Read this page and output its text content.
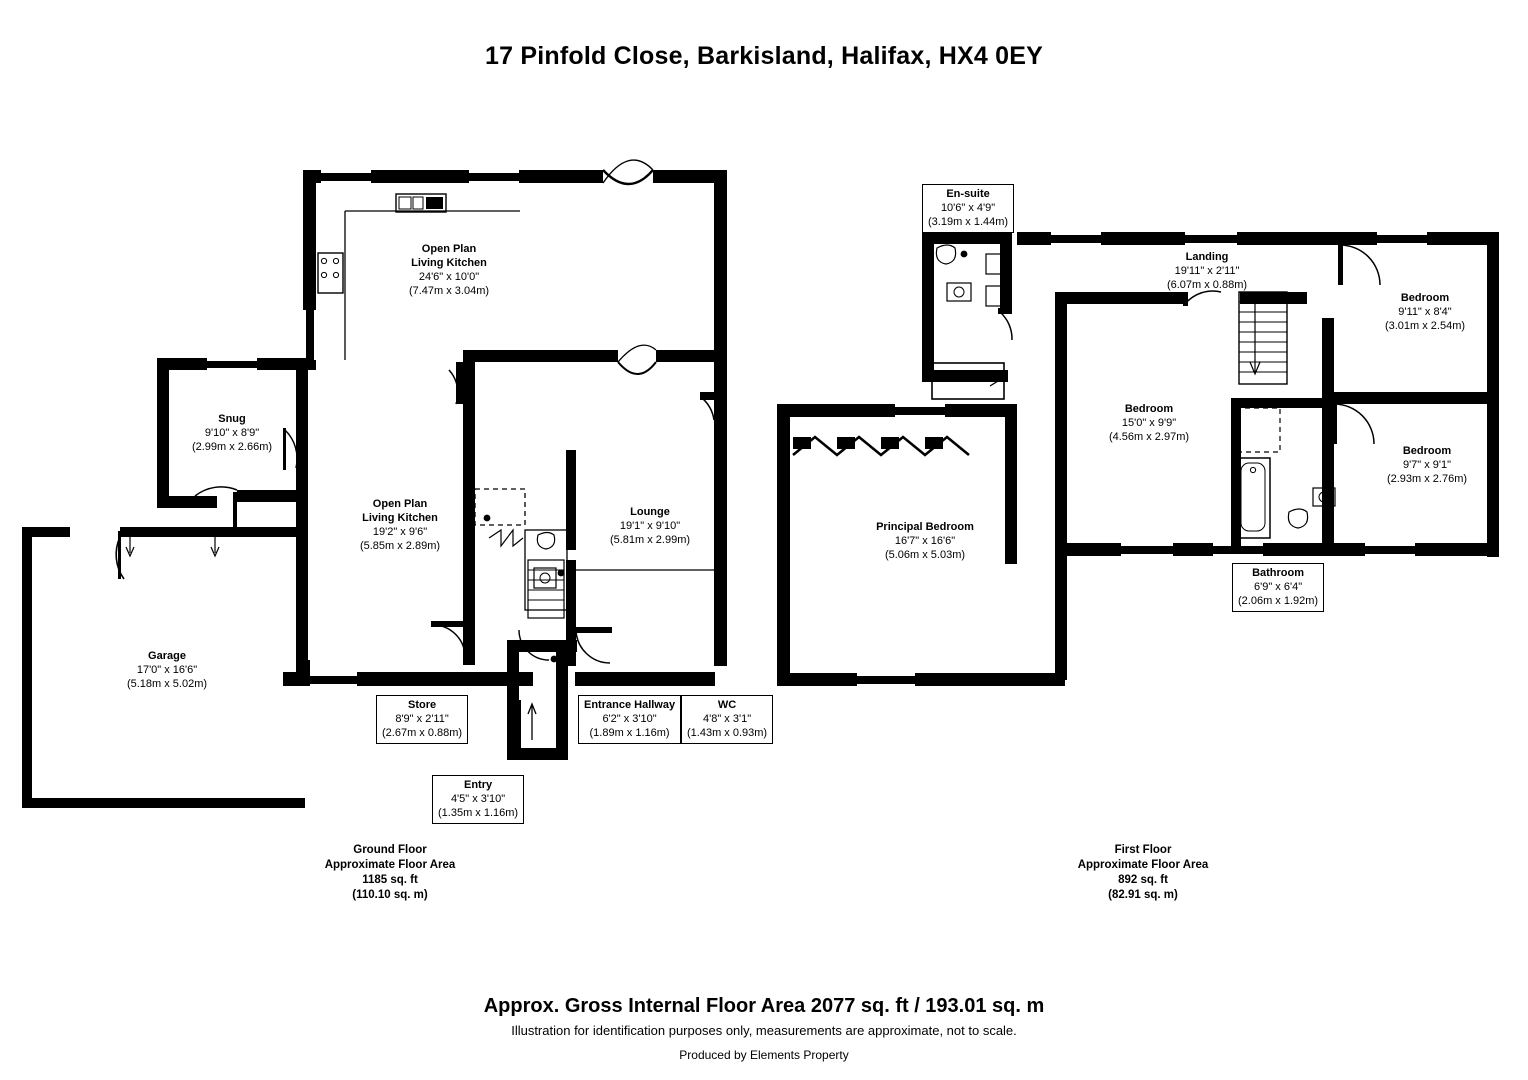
17 Pinfold Close, Barkisland, Halifax, HX4 0EY
Open Plan
Living Kitchen
24'6" x 10'0"
(7.47m x 3.04m)
Snug
9'10" x 8'9"
(2.99m x 2.66m)
Open Plan
Living Kitchen
19'2" x 9'6"
(5.85m x 2.89m)
Lounge
19'1" x 9'10"
(5.81m x 2.99m)
Garage
17'0" x 16'6"
(5.18m x 5.02m)
Store
8'9" x 2'11"
(2.67m x 0.88m)
Entrance Hallway
6'2" x 3'10"
(1.89m x 1.16m)
WC
4'8" x 3'1"
(1.43m x 0.93m)
Entry
4'5" x 3'10"
(1.35m x 1.16m)
En-suite
10'6" x 4'9"
(3.19m x 1.44m)
Landing
19'11" x 2'11"
(6.07m x 0.88m)
Bedroom
9'11" x 8'4"
(3.01m x 2.54m)
Bedroom
15'0" x 9'9"
(4.56m x 2.97m)
Bedroom
9'7" x 9'1"
(2.93m x 2.76m)
Principal Bedroom
16'7" x 16'6"
(5.06m x 5.03m)
Bathroom
6'9" x 6'4"
(2.06m x 1.92m)
Ground Floor
Approximate Floor Area
1185 sq. ft
(110.10 sq. m)
First Floor
Approximate Floor Area
892 sq. ft
(82.91 sq. m)
Approx. Gross Internal Floor Area 2077 sq. ft / 193.01 sq. m
Illustration for identification purposes only, measurements are approximate, not to scale.
Produced by Elements Property
